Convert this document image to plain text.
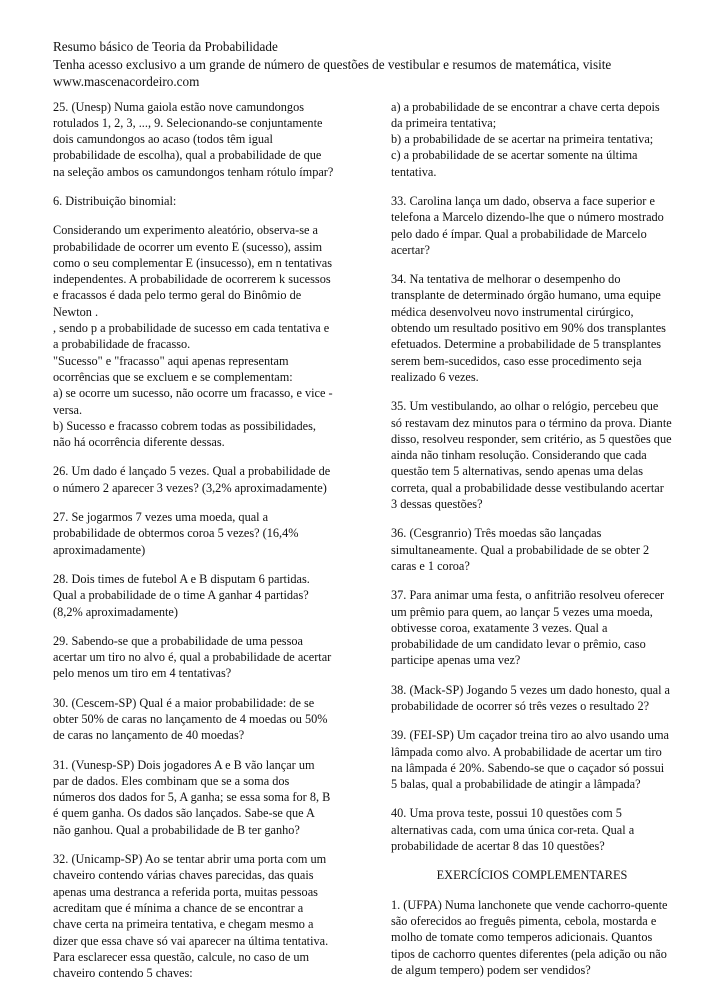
Resumo básico de Teoria da Probabilidade
Tenha acesso exclusivo a um grande de número de questões de vestibular e resumos de matemática, visite
www.mascenacordeiro.com

25. (Unesp) Numa gaiola estão nove camundongos
rotulados 1, 2, 3, ..., 9. Selecionando-se conjuntamente
dois camundongos ao acaso (todos têm igual
probabilidade de escolha), qual a probabilidade de que
na seleção ambos os camundongos tenham rótulo ímpar?

6. Distribuição binomial:

Considerando um experimento aleatório, observa-se a
probabilidade de ocorrer um evento E (sucesso), assim
como o seu complementar E (insucesso), em n tentativas
independentes. A probabilidade de ocorrerem k sucessos
e fracassos é dada pelo termo geral do Binômio de
Newton .
, sendo p a probabilidade de sucesso em cada tentativa e
a probabilidade de fracasso.
"Sucesso" e "fracasso" aqui apenas representam
ocorrências que se excluem e se complementam:
a) se ocorre um sucesso, não ocorre um fracasso, e vice -
versa.
b) Sucesso e fracasso cobrem todas as possibilidades,
não há ocorrência diferente dessas.

26. Um dado é lançado 5 vezes. Qual a probabilidade de
o número 2 aparecer 3 vezes? (3,2% aproximadamente)

27. Se jogarmos 7 vezes uma moeda, qual a
probabilidade de obtermos coroa 5 vezes? (16,4%
aproximadamente)

28. Dois times de futebol A e B disputam 6 partidas.
Qual a probabilidade de o time A ganhar 4 partidas?
(8,2% aproximadamente)

29. Sabendo-se que a probabilidade de uma pessoa
acertar um tiro no alvo é, qual a probabilidade de acertar
pelo menos um tiro em 4 tentativas?

30. (Cescem-SP) Qual é a maior probabilidade: de se
obter 50% de caras no lançamento de 4 moedas ou 50%
de caras no lançamento de 40 moedas?

31. (Vunesp-SP) Dois jogadores A e B vão lançar um
par de dados. Eles combinam que se a soma dos
números dos dados for 5, A ganha; se essa soma for 8, B
é quem ganha. Os dados são lançados. Sabe-se que A
não ganhou. Qual a probabilidade de B ter ganho?

32. (Unicamp-SP) Ao se tentar abrir uma porta com um
chaveiro contendo várias chaves parecidas, das quais
apenas uma destranca a referida porta, muitas pessoas
acreditam que é mínima a chance de se encontrar a
chave certa na primeira tentativa, e chegam mesmo a
dizer que essa chave só vai aparecer na última tentativa.
Para esclarecer essa questão, calcule, no caso de um
chaveiro contendo 5 chaves:

a) a probabilidade de se encontrar a chave certa depois
da primeira tentativa;
b) a probabilidade de se acertar na primeira tentativa;
c) a probabilidade de se acertar somente na última
tentativa.

33. Carolina lança um dado, observa a face superior e
telefona a Marcelo dizendo-lhe que o número mostrado
pelo dado é ímpar. Qual a probabilidade de Marcelo
acertar?

34. Na tentativa de melhorar o desempenho do
transplante de determinado órgão humano, uma equipe
médica desenvolveu novo instrumental cirúrgico,
obtendo um resultado positivo em 90% dos transplantes
efetuados. Determine a probabilidade de 5 transplantes
serem bem-sucedidos, caso esse procedimento seja
realizado 6 vezes.

35. Um vestibulando, ao olhar o relógio, percebeu que
só restavam dez minutos para o término da prova. Diante
disso, resolveu responder, sem critério, as 5 questões que
ainda não tinham resolução. Considerando que cada
questão tem 5 alternativas, sendo apenas uma delas
correta, qual a probabilidade desse vestibulando acertar
3 dessas questões?

36. (Cesgranrio) Três moedas são lançadas
simultaneamente. Qual a probabilidade de se obter 2
caras e 1 coroa?

37. Para animar uma festa, o anfitrião resolveu oferecer
um prêmio para quem, ao lançar 5 vezes uma moeda,
obtivesse coroa, exatamente 3 vezes. Qual a
probabilidade de um candidato levar o prêmio, caso
participe apenas uma vez?

38. (Mack-SP) Jogando 5 vezes um dado honesto, qual a
probabilidade de ocorrer só três vezes o resultado 2?

39. (FEI-SP) Um caçador treina tiro ao alvo usando uma
lâmpada como alvo. A probabilidade de acertar um tiro
na lâmpada é 20%. Sabendo-se que o caçador só possui
5 balas, qual a probabilidade de atingir a lâmpada?

40. Uma prova teste, possui 10 questões com 5
alternativas cada, com uma única cor-reta. Qual a
probabilidade de acertar 8 das 10 questões?

EXERCÍCIOS COMPLEMENTARES

1. (UFPA) Numa lanchonete que vende cachorro-quente
são oferecidos ao freguês pimenta, cebola, mostarda e
molho de tomate como temperos adicionais. Quantos
tipos de cachorro quentes diferentes (pela adição ou não
de algum tempero) podem ser vendidos?
